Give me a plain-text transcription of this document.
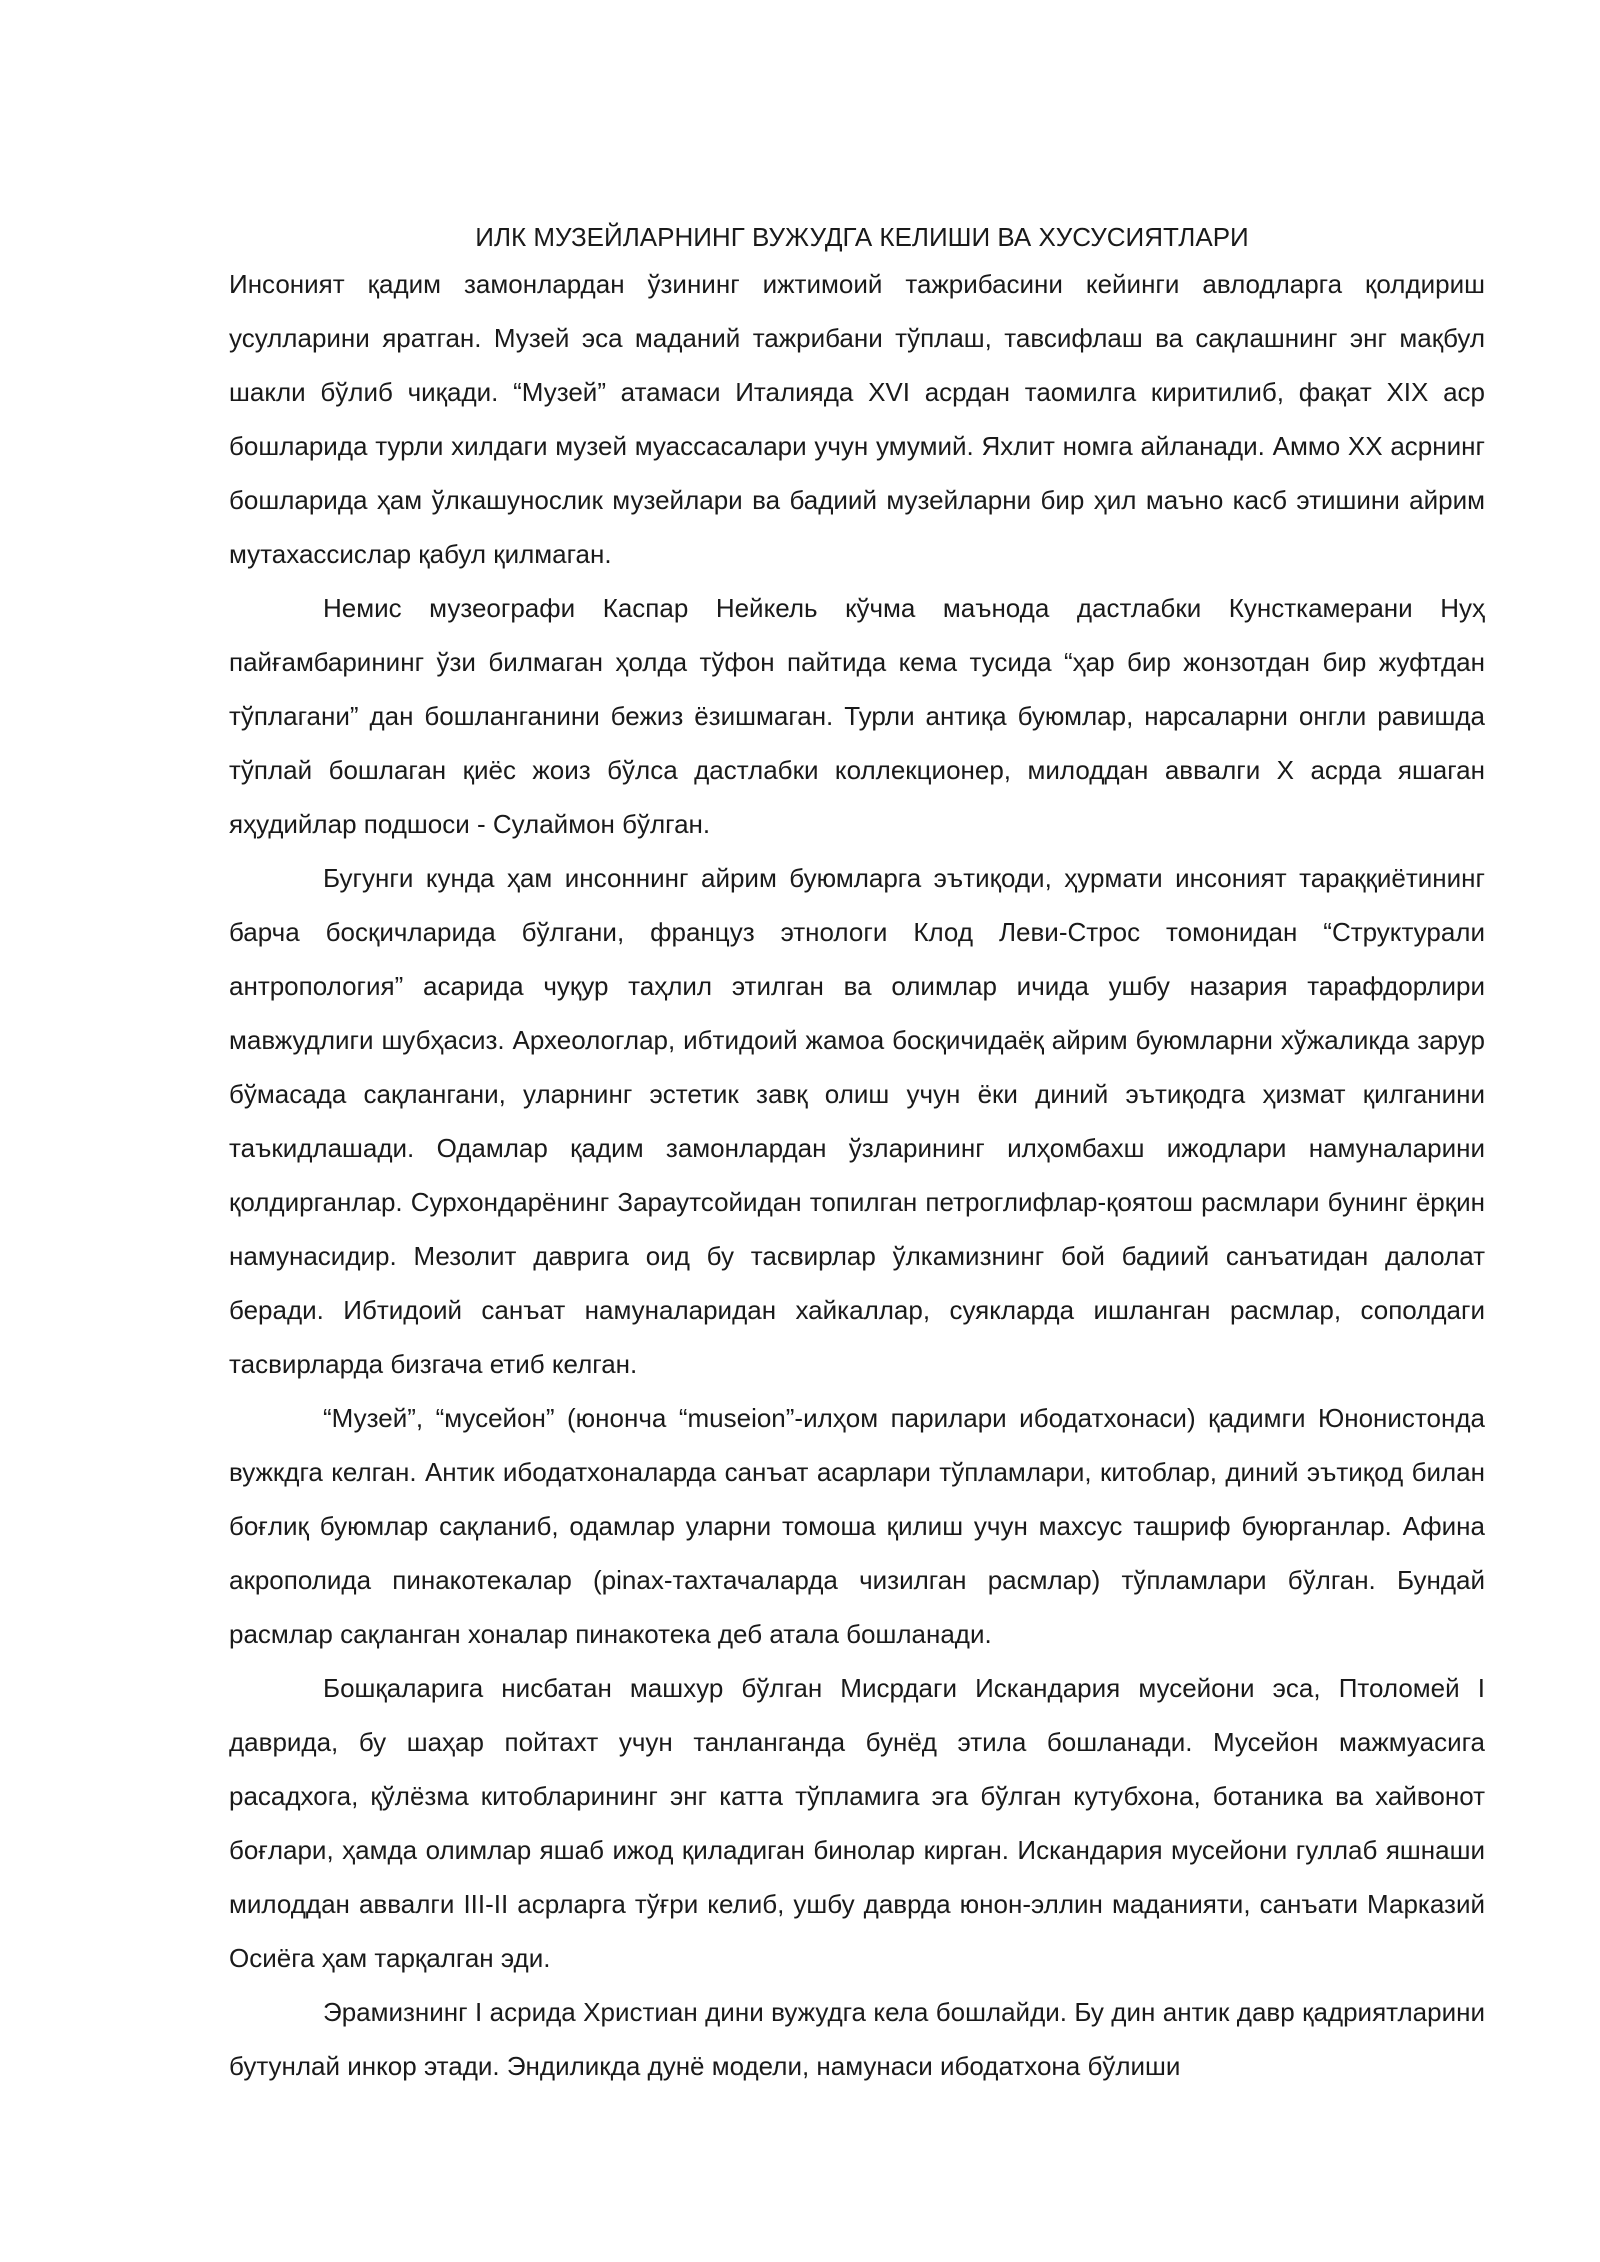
ИЛК МУЗЕЙЛАРНИНГ ВУЖУДГА КЕЛИШИ ВА ХУСУСИЯТЛАРИ

Инсоният қадим замонлардан ўзининг ижтимоий тажрибасини кейинги авлодларга қолдириш усулларини яратган. Музей эса маданий тажрибани тўплаш, тавсифлаш ва сақлашнинг энг мақбул шакли бўлиб чиқади. “Музей” атамаси Италияда XVI асрдан таомилга киритилиб, фақат XIX аср бошларида турли хилдаги музей муассасалари учун умумий. Яхлит номга айланади. Аммо XX асрнинг бошларида ҳам ўлкашунослик музейлари ва бадиий музейларни бир ҳил маъно касб этишини айрим мутахассислар қабул қилмаган.

Немис музеографи Каспар Нейкель кўчма маънода дастлабки Кунсткамерани Нуҳ пайғамбарининг ўзи билмаган ҳолда тўфон пайтида кема тусида “ҳар бир жонзотдан бир жуфтдан тўплагани” дан бошланганини бежиз ёзишмаган. Турли антиқа буюмлар, нарсаларни онгли равишда тўплай бошлаган қиёс жоиз бўлса дастлабки коллекционер, милоддан аввалги X асрда яшаган яҳудийлар подшоси - Сулаймон бўлган.

Бугунги кунда ҳам инсоннинг айрим буюмларга эътиқоди, ҳурмати инсоният тараққиётининг барча босқичларида бўлгани, француз этнологи Клод Леви-Строс томонидан “Структурали антропология” асарида чуқур таҳлил этилган ва олимлар ичида ушбу назария тарафдорлири мавжудлиги шубҳасиз. Археологлар, ибтидоий жамоа босқичидаёқ айрим буюмларни хўжаликда зарур бўмасада сақлангани, уларнинг эстетик завқ олиш учун ёки диний эътиқодга ҳизмат қилганини таъкидлашади. Одамлар қадим замонлардан ўзларининг илҳомбахш ижодлари намуналарини қолдирганлар. Сурхондарёнинг Зараутсойидан топилган петроглифлар-қоятош расмлари бунинг ёрқин намунасидир. Мезолит даврига оид бу тасвирлар ўлкамизнинг бой бадиий санъатидан далолат беради. Ибтидоий санъат намуналаридан хайкаллар, суякларда ишланган расмлар, сополдаги тасвирларда бизгача етиб келган.

“Музей”, “мусейон” (юнонча “museion”-илҳом парилари ибодатхонаси) қадимги Юнонистонда вужкдга келган. Антик ибодатхоналарда санъат асарлари тўпламлари, китоблар, диний эътиқод билан боғлиқ буюмлар сақланиб, одамлар уларни томоша қилиш учун махсус ташриф буюрганлар. Афина акрополида пинакотекалар (pinax-тахтачаларда чизилган расмлар) тўпламлари бўлган. Бундай расмлар сақланган хоналар пинакотека деб атала бошланади.

Бошқаларига нисбатан машхур бўлган Мисрдаги Искандария мусейони эса, Птоломей I даврида, бу шаҳар пойтахт учун танланганда бунёд этила бошланади. Мусейон мажмуасига расадхога, қўлёзма китобларининг энг катта тўпламига эга бўлган кутубхона, ботаника ва хайвонот боғлари, ҳамда олимлар яшаб ижод қиладиган бинолар кирган. Искандария мусейони гуллаб яшнаши милоддан аввалги III-II асрларга тўғри келиб, ушбу даврда юнон-эллин маданияти, санъати Марказий Осиёга ҳам тарқалган эди.

Эрамизнинг I асрида Христиан дини вужудга кела бошлайди. Бу дин антик давр қадриятларини бутунлай инкор этади. Эндиликда дунё модели, намунаси ибодатхона бўлиши
